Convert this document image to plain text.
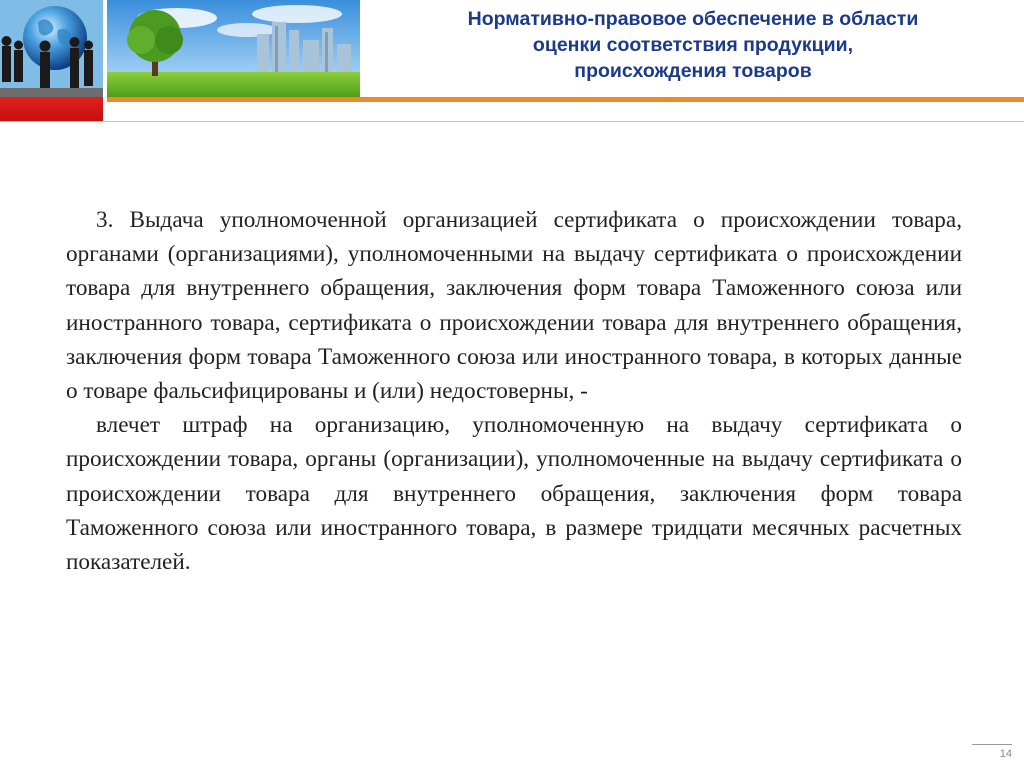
Нормативно-правовое обеспечение в области
оценки соответствия продукции,
происхождения товаров

3. Выдача уполномоченной организацией сертификата о происхождении товара, органами (организациями), уполномоченными на выдачу сертификата о происхождении товара для внутреннего обращения, заключения форм товара Таможенного союза или иностранного товара, сертификата о происхождении товара для внутреннего обращения, заключения форм товара Таможенного союза или иностранного товара, в которых данные о товаре фальсифицированы и (или) недостоверны, -

влечет штраф на организацию, уполномоченную на выдачу сертификата о происхождении товара, органы (организации), уполномоченные на выдачу сертификата о происхождении товара для внутреннего обращения, заключения форм товара Таможенного союза или иностранного товара, в размере тридцати месячных расчетных показателей.

14
